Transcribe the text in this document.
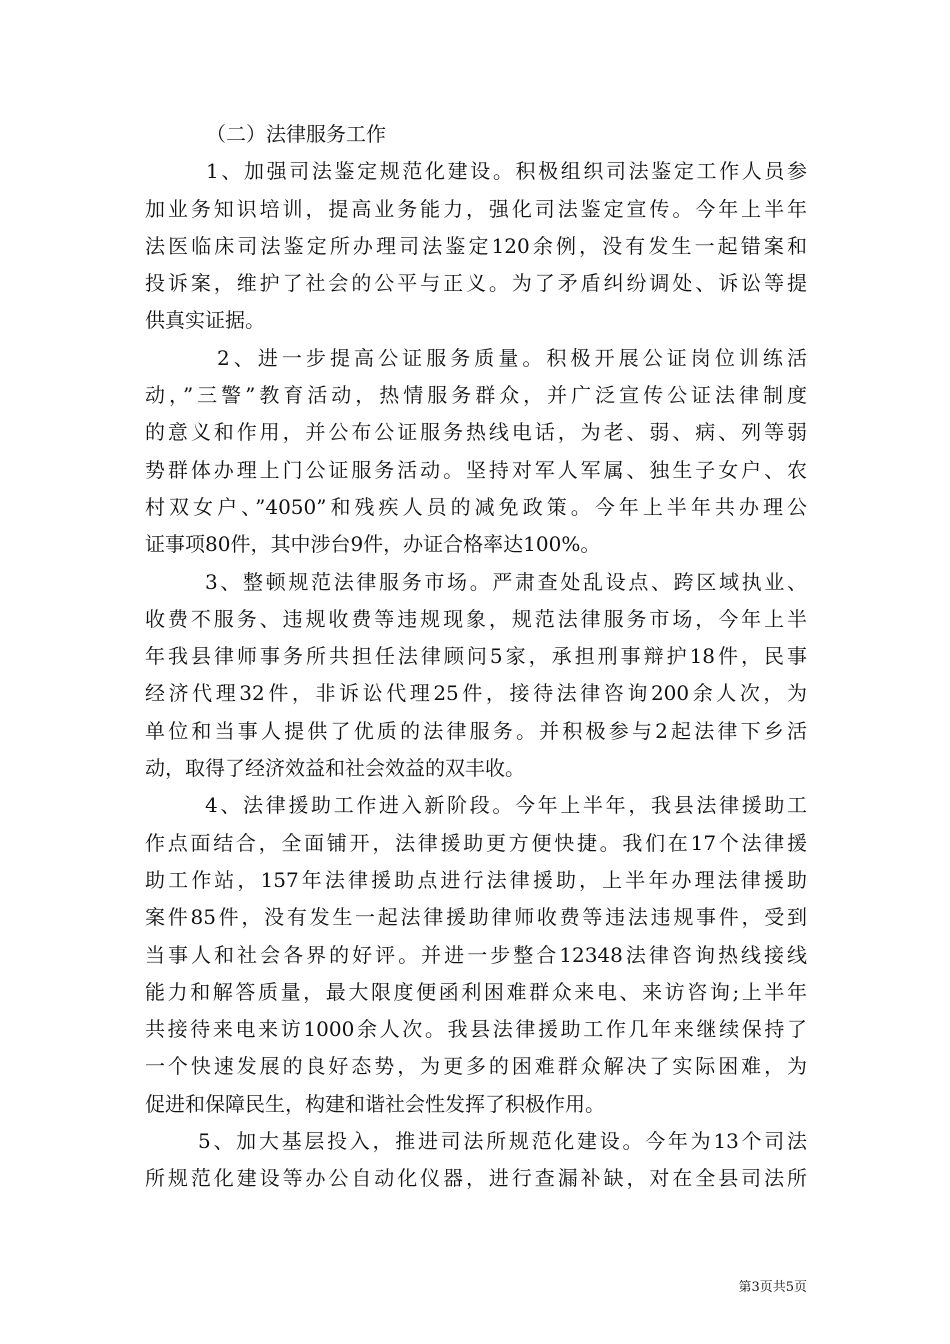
（二）法律服务工作
1、加强司法鉴定规范化建设。积极组织司法鉴定工作人员参
加业务知识培训，提高业务能力，强化司法鉴定宣传。今年上半年
法医临床司法鉴定所办理司法鉴定120余例，没有发生一起错案和
投诉案，维护了社会的公平与正义。为了矛盾纠纷调处、诉讼等提
供真实证据。
2、进一步提高公证服务质量。积极开展公证岗位训练活
动，”三警”教育活动，热情服务群众，并广泛宣传公证法律制度
的意义和作用，并公布公证服务热线电话，为老、弱、病、列等弱
势群体办理上门公证服务活动。坚持对军人军属、独生子女户、农
村双女户、”4050”和残疾人员的减免政策。今年上半年共办理公
证事项80件，其中涉台9件，办证合格率达100%。
3、整顿规范法律服务市场。严肃查处乱设点、跨区域执业、
收费不服务、违规收费等违规现象，规范法律服务市场，今年上半
年我县律师事务所共担任法律顾问5家，承担刑事辩护18件，民事
经济代理32件，非诉讼代理25件，接待法律咨询200余人次，为
单位和当事人提供了优质的法律服务。并积极参与2起法律下乡活
动，取得了经济效益和社会效益的双丰收。
4、法律援助工作进入新阶段。今年上半年，我县法律援助工
作点面结合，全面铺开，法律援助更方便快捷。我们在17个法律援
助工作站，157年法律援助点进行法律援助，上半年办理法律援助
案件85件，没有发生一起法律援助律师收费等违法违规事件，受到
当事人和社会各界的好评。并进一步整合12348法律咨询热线接线
能力和解答质量，最大限度便函利困难群众来电、来访咨询;上半年
共接待来电来访1000余人次。我县法律援助工作几年来继续保持了
一个快速发展的良好态势，为更多的困难群众解决了实际困难，为
促进和保障民生，构建和谐社会性发挥了积极作用。
5、加大基层投入，推进司法所规范化建设。今年为13个司法
所规范化建设等办公自动化仪器，进行查漏补缺，对在全县司法所
第3页共5页
